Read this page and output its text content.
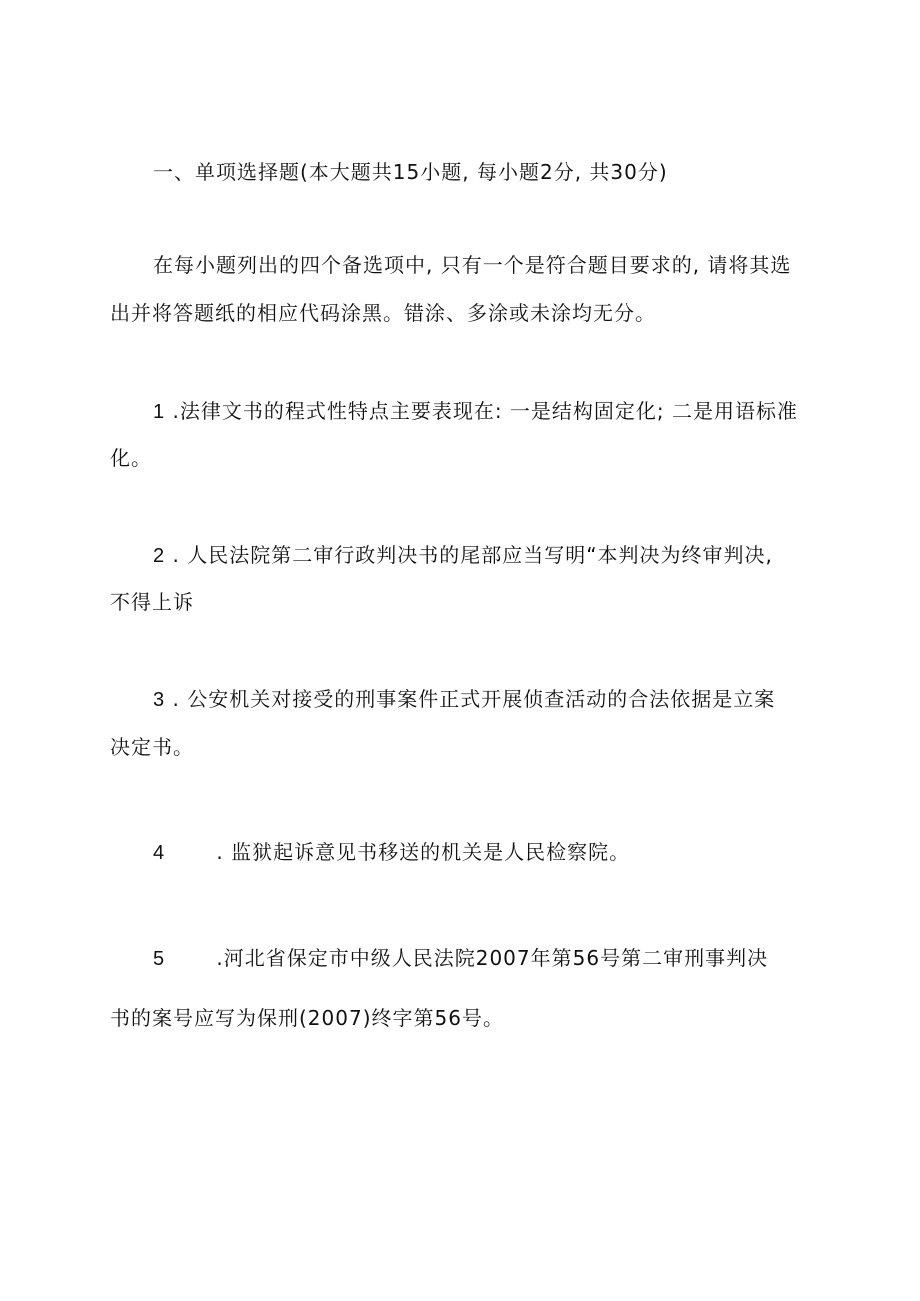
一、单项选择题(本大题共15小题, 每小题2分, 共30分)
在每小题列出的四个备选项中, 只有一个是符合题目要求的, 请将其选
出并将答题纸的相应代码涂黑。错涂、多涂或未涂均无分。
1 .法律文书的程式性特点主要表现在: 一是结构固定化; 二是用语标准
化。
2 . 人民法院第二审行政判决书的尾部应当写明“本判决为终审判决,
不得上诉
3 . 公安机关对接受的刑事案件正式开展侦查活动的合法依据是立案
决定书。
4	. 监狱起诉意见书移送的机关是人民检察院。
5	.河北省保定市中级人民法院2007年第56号第二审刑事判决
书的案号应写为保刑(2007)终字第56号。
